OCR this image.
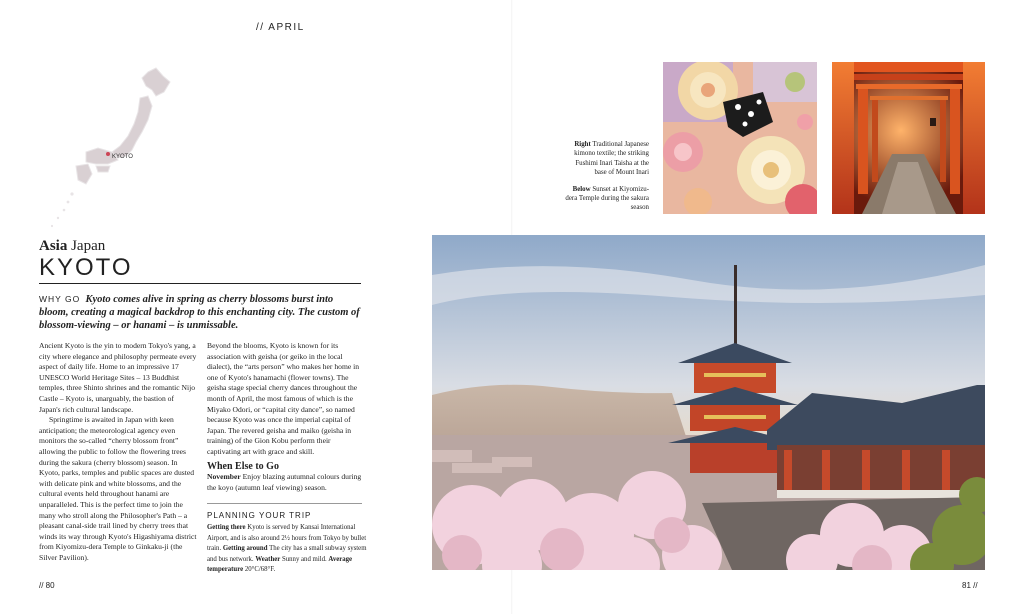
// APRIL
KYOTO
Asia Japan
KYOTO
WHY GO Kyoto comes alive in spring as cherry blossoms burst into bloom, creating a magical backdrop to this enchanting city. The custom of blossom-viewing – or hanami – is unmissable.

Ancient Kyoto is the yin to modern Tokyo's yang, a city where elegance and philosophy permeate every aspect of daily life. Home to an impressive 17 UNESCO World Heritage Sites – 13 Buddhist temples, three Shinto shrines and the romantic Nijo Castle – Kyoto is, unarguably, the bastion of Japan's rich cultural landscape.

Springtime is awaited in Japan with keen anticipation; the meteorological agency even monitors the so-called “cherry blossom front” allowing the public to follow the flowering trees during the sakura (cherry blossom) season. In Kyoto, parks, temples and public spaces are dusted with delicate pink and white blossoms, and the cultural events held throughout hanami are unparalleled. This is the perfect time to join the many who stroll along the Philosopher's Path – a pleasant canal-side trail lined by cherry trees that winds its way through Kyoto's Higashiyama district from Kiyomizu-dera Temple to Ginkaku-ji (the Silver Pavilion).

Beyond the blooms, Kyoto is known for its association with geisha (or geiko in the local dialect), the “arts person” who makes her home in one of Kyoto's hanamachi (flower towns). The geisha stage special cherry dances throughout the month of April, the most famous of which is the Miyako Odori, or “capital city dance”, so named because Kyoto was once the imperial capital of Japan. The revered geisha and maiko (geisha in training) of the Gion Kobu perform their captivating art with grace and skill.

When Else to Go
November Enjoy blazing autumnal colours during the koyo (autumn leaf viewing) season.
PLANNING YOUR TRIP
Getting there Kyoto is served by Kansai International Airport, and is also around 2½ hours from Tokyo by bullet train. Getting around The city has a small subway system and bus network. Weather Sunny and mild. Average temperature 20°C/68°F.
// 80	81 //

Right Traditional Japanese kimono textile; the striking Fushimi Inari Taisha at the base of Mount Inari

Below Sunset at Kiyomizu-dera Temple during the sakura season
